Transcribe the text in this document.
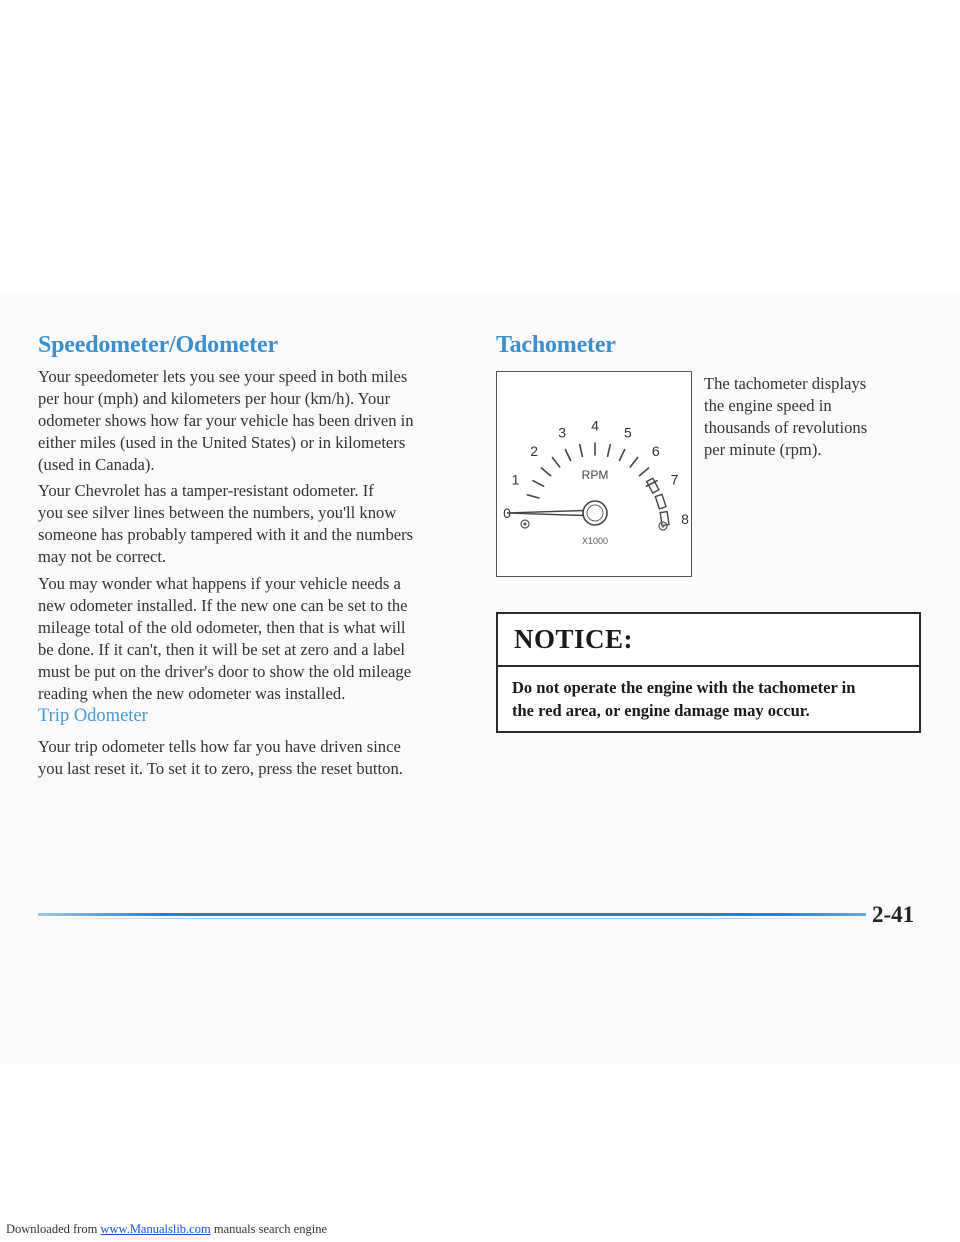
Speedometer/Odometer

Your speedometer lets you see your speed in both miles

per hour (mph) and kilometers per hour (km/h). Your

odometer shows how far your vehicle has been driven in

either miles (used in the United States) or in kilometers

(used in Canada).

Your Chevrolet has a tamper-resistant odometer. If

you see silver lines between the numbers, you'll know

someone has probably tampered with it and the numbers

may not be correct.

You may wonder what happens if your vehicle needs a

new odometer installed. If the new one can be set to the

mileage total of the old odometer, then that is what will

be done. If it can't, then it will be set at zero and a label

must be put on the driver's door to show the old mileage

reading when the new odometer was installed.

Trip Odometer

Your trip odometer tells how far you have driven since

you last reset it. To set it to zero, press the reset button.

Tachometer
0
1
2
3 4 5
6
7
8
RPM
X1000

The tachometer displays

the engine speed in

thousands of revolutions

per minute (rpm).

NOTICE:

Do not operate the engine with the tachometer in
the red area, or engine damage may occur.

2-41

Downloaded from www.Manualslib.com manuals search engine
